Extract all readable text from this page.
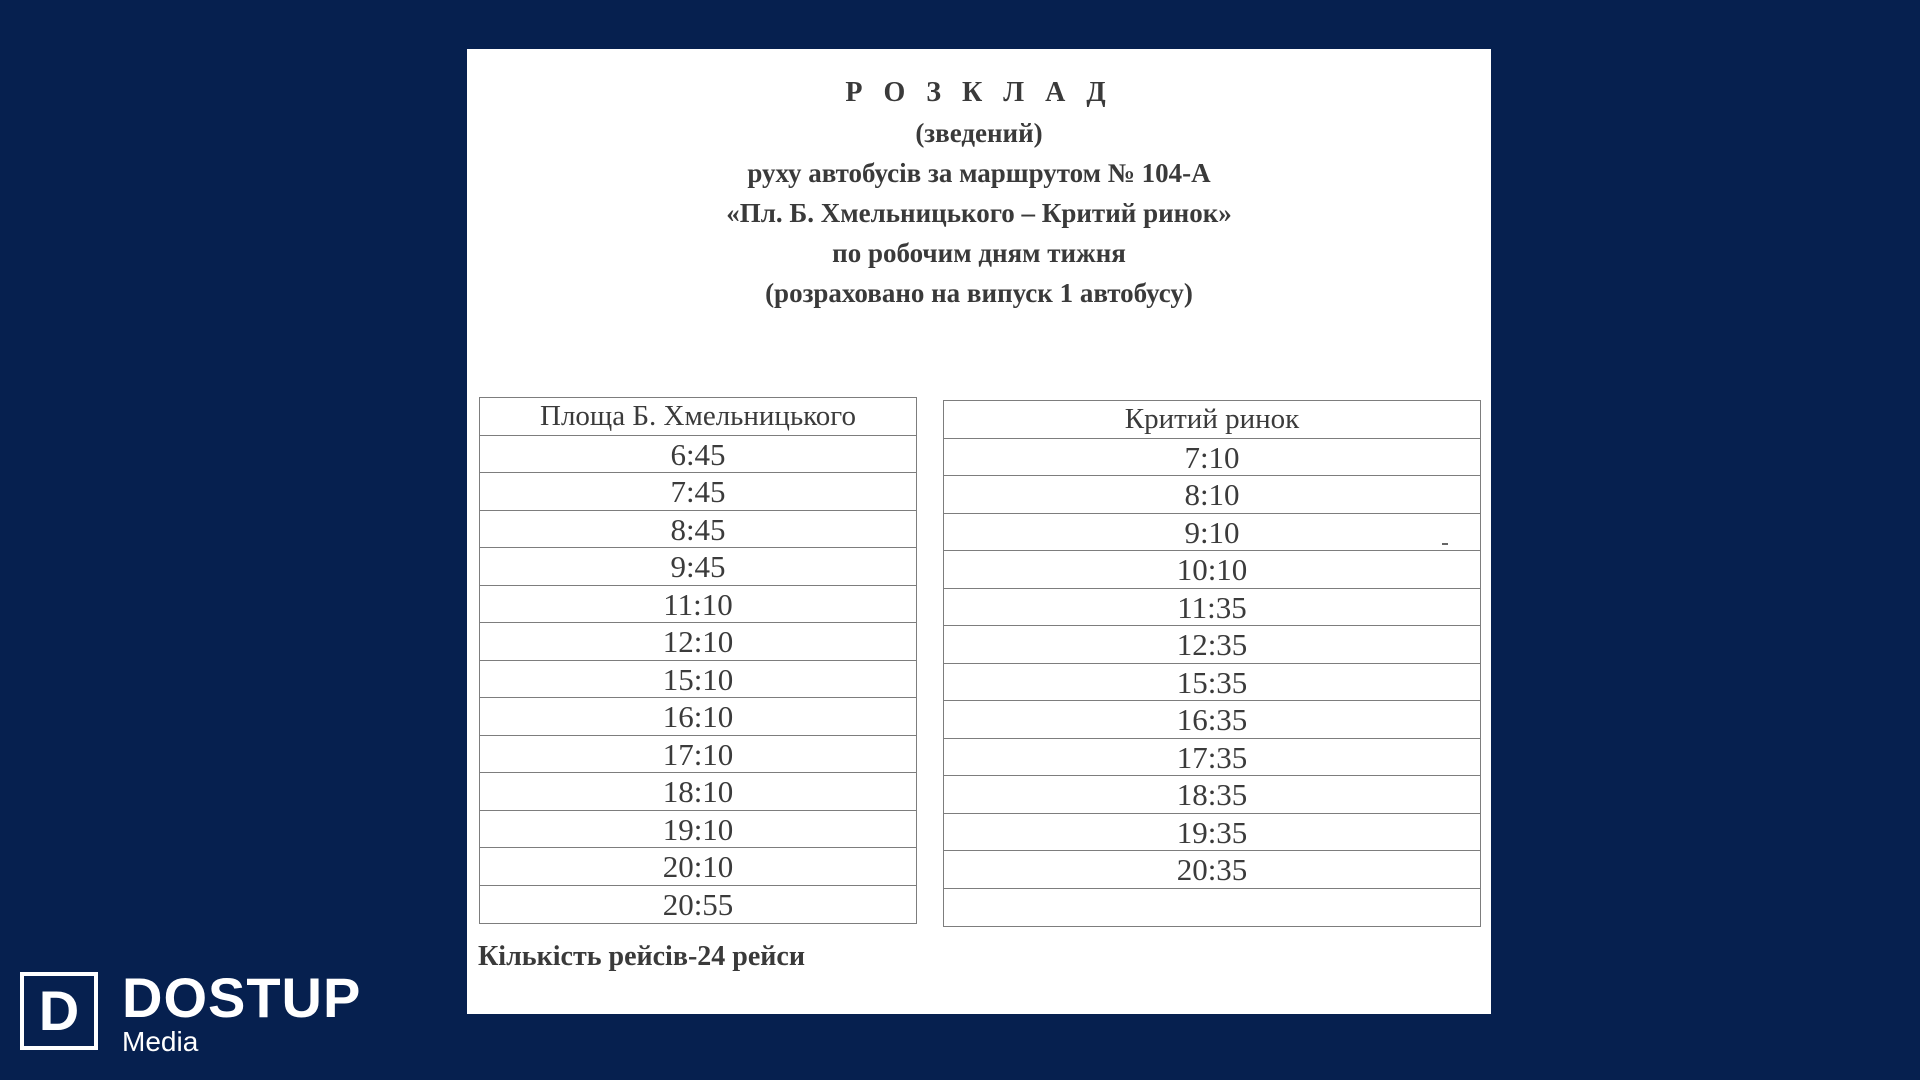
Р О З К Л А Д
(зведений)
руху автобусів за маршрутом № 104-А
«Пл. Б. Хмельницького – Критий ринок»
по робочим дням тижня
(розраховано на випуск 1 автобусу)
Площа Б. Хмельницького
6:45
7:45
8:45
9:45
11:10
12:10
15:10
16:10
17:10
18:10
19:10
20:10
20:55
Критий ринок
7:10
8:10
9:10
10:10
11:35
12:35
15:35
16:35
17:35
18:35
19:35
20:35
Кількість рейсів-24 рейси
D DOSTUP
Media
